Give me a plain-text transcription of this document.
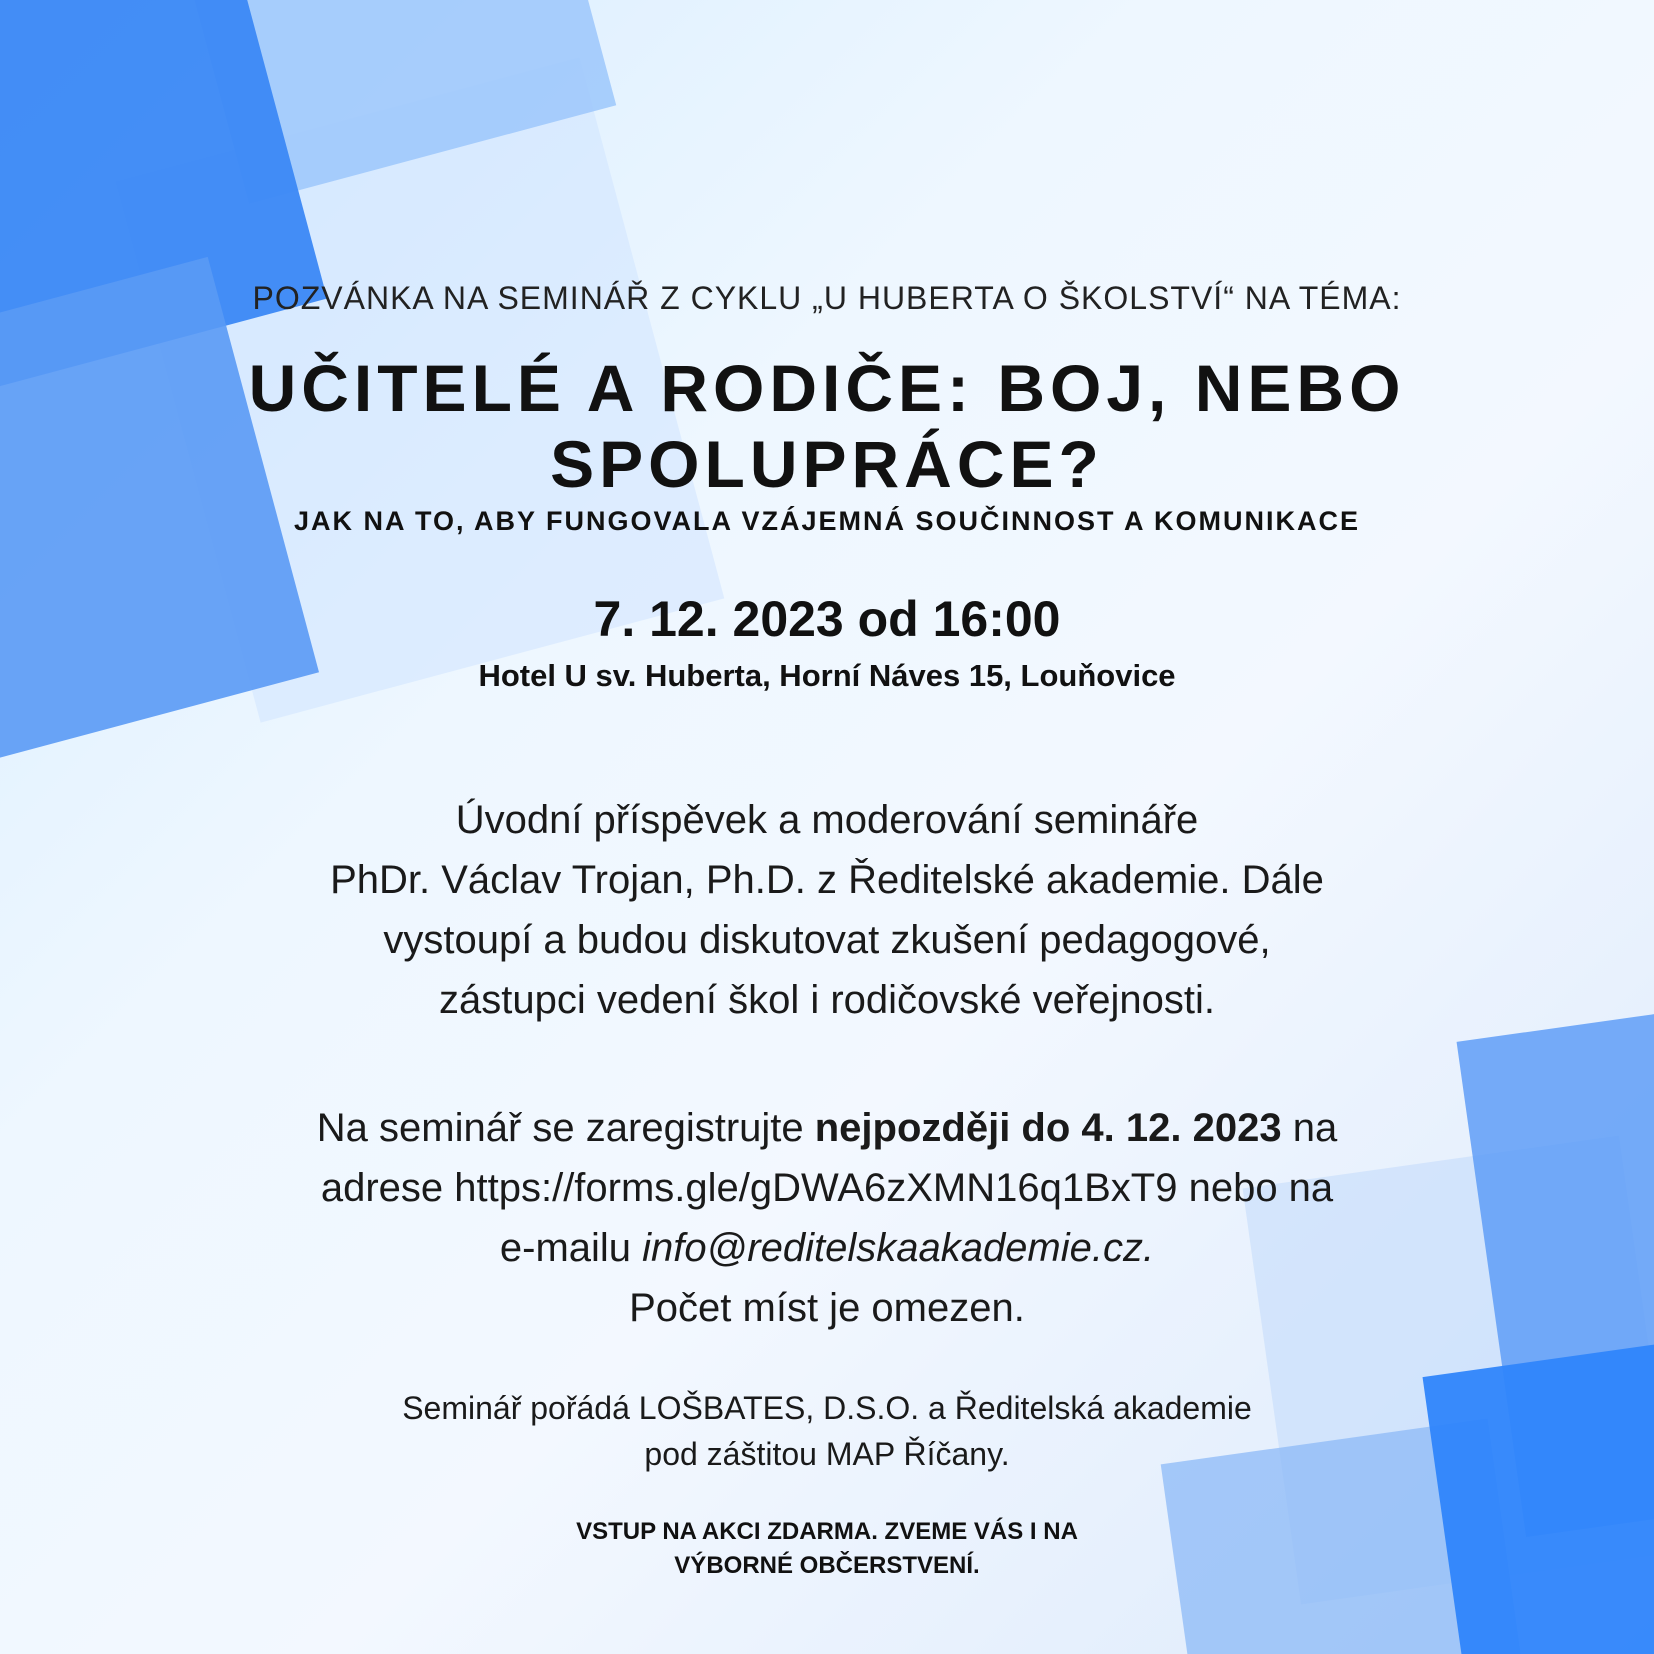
POZVÁNKA NA SEMINÁŘ Z CYKLU „U HUBERTA O ŠKOLSTVÍ“ NA TÉMA:

UČITELÉ A RODIČE: BOJ, NEBO
SPOLUPRÁCE?

JAK NA TO, ABY FUNGOVALA VZÁJEMNÁ SOUČINNOST A KOMUNIKACE

7. 12. 2023 od 16:00

Hotel U sv. Huberta, Horní Náves 15, Louňovice

Úvodní příspěvek a moderování semináře
PhDr. Václav Trojan, Ph.D. z Ředitelské akademie. Dále
vystoupí a budou diskutovat zkušení pedagogové,
zástupci vedení škol i rodičovské veřejnosti.
Na seminář se zaregistrujte nejpozději do 4. 12. 2023 na
adrese https://forms.gle/gDWA6zXMN16q1BxT9 nebo na
e-mailu info@reditelskaakademie.cz.
Počet míst je omezen.
Seminář pořádá LOŠBATES, D.S.O. a Ředitelská akademie
pod záštitou MAP Říčany.
VSTUP NA AKCI ZDARMA. ZVEME VÁS I NA
VÝBORNÉ OBČERSTVENÍ.
